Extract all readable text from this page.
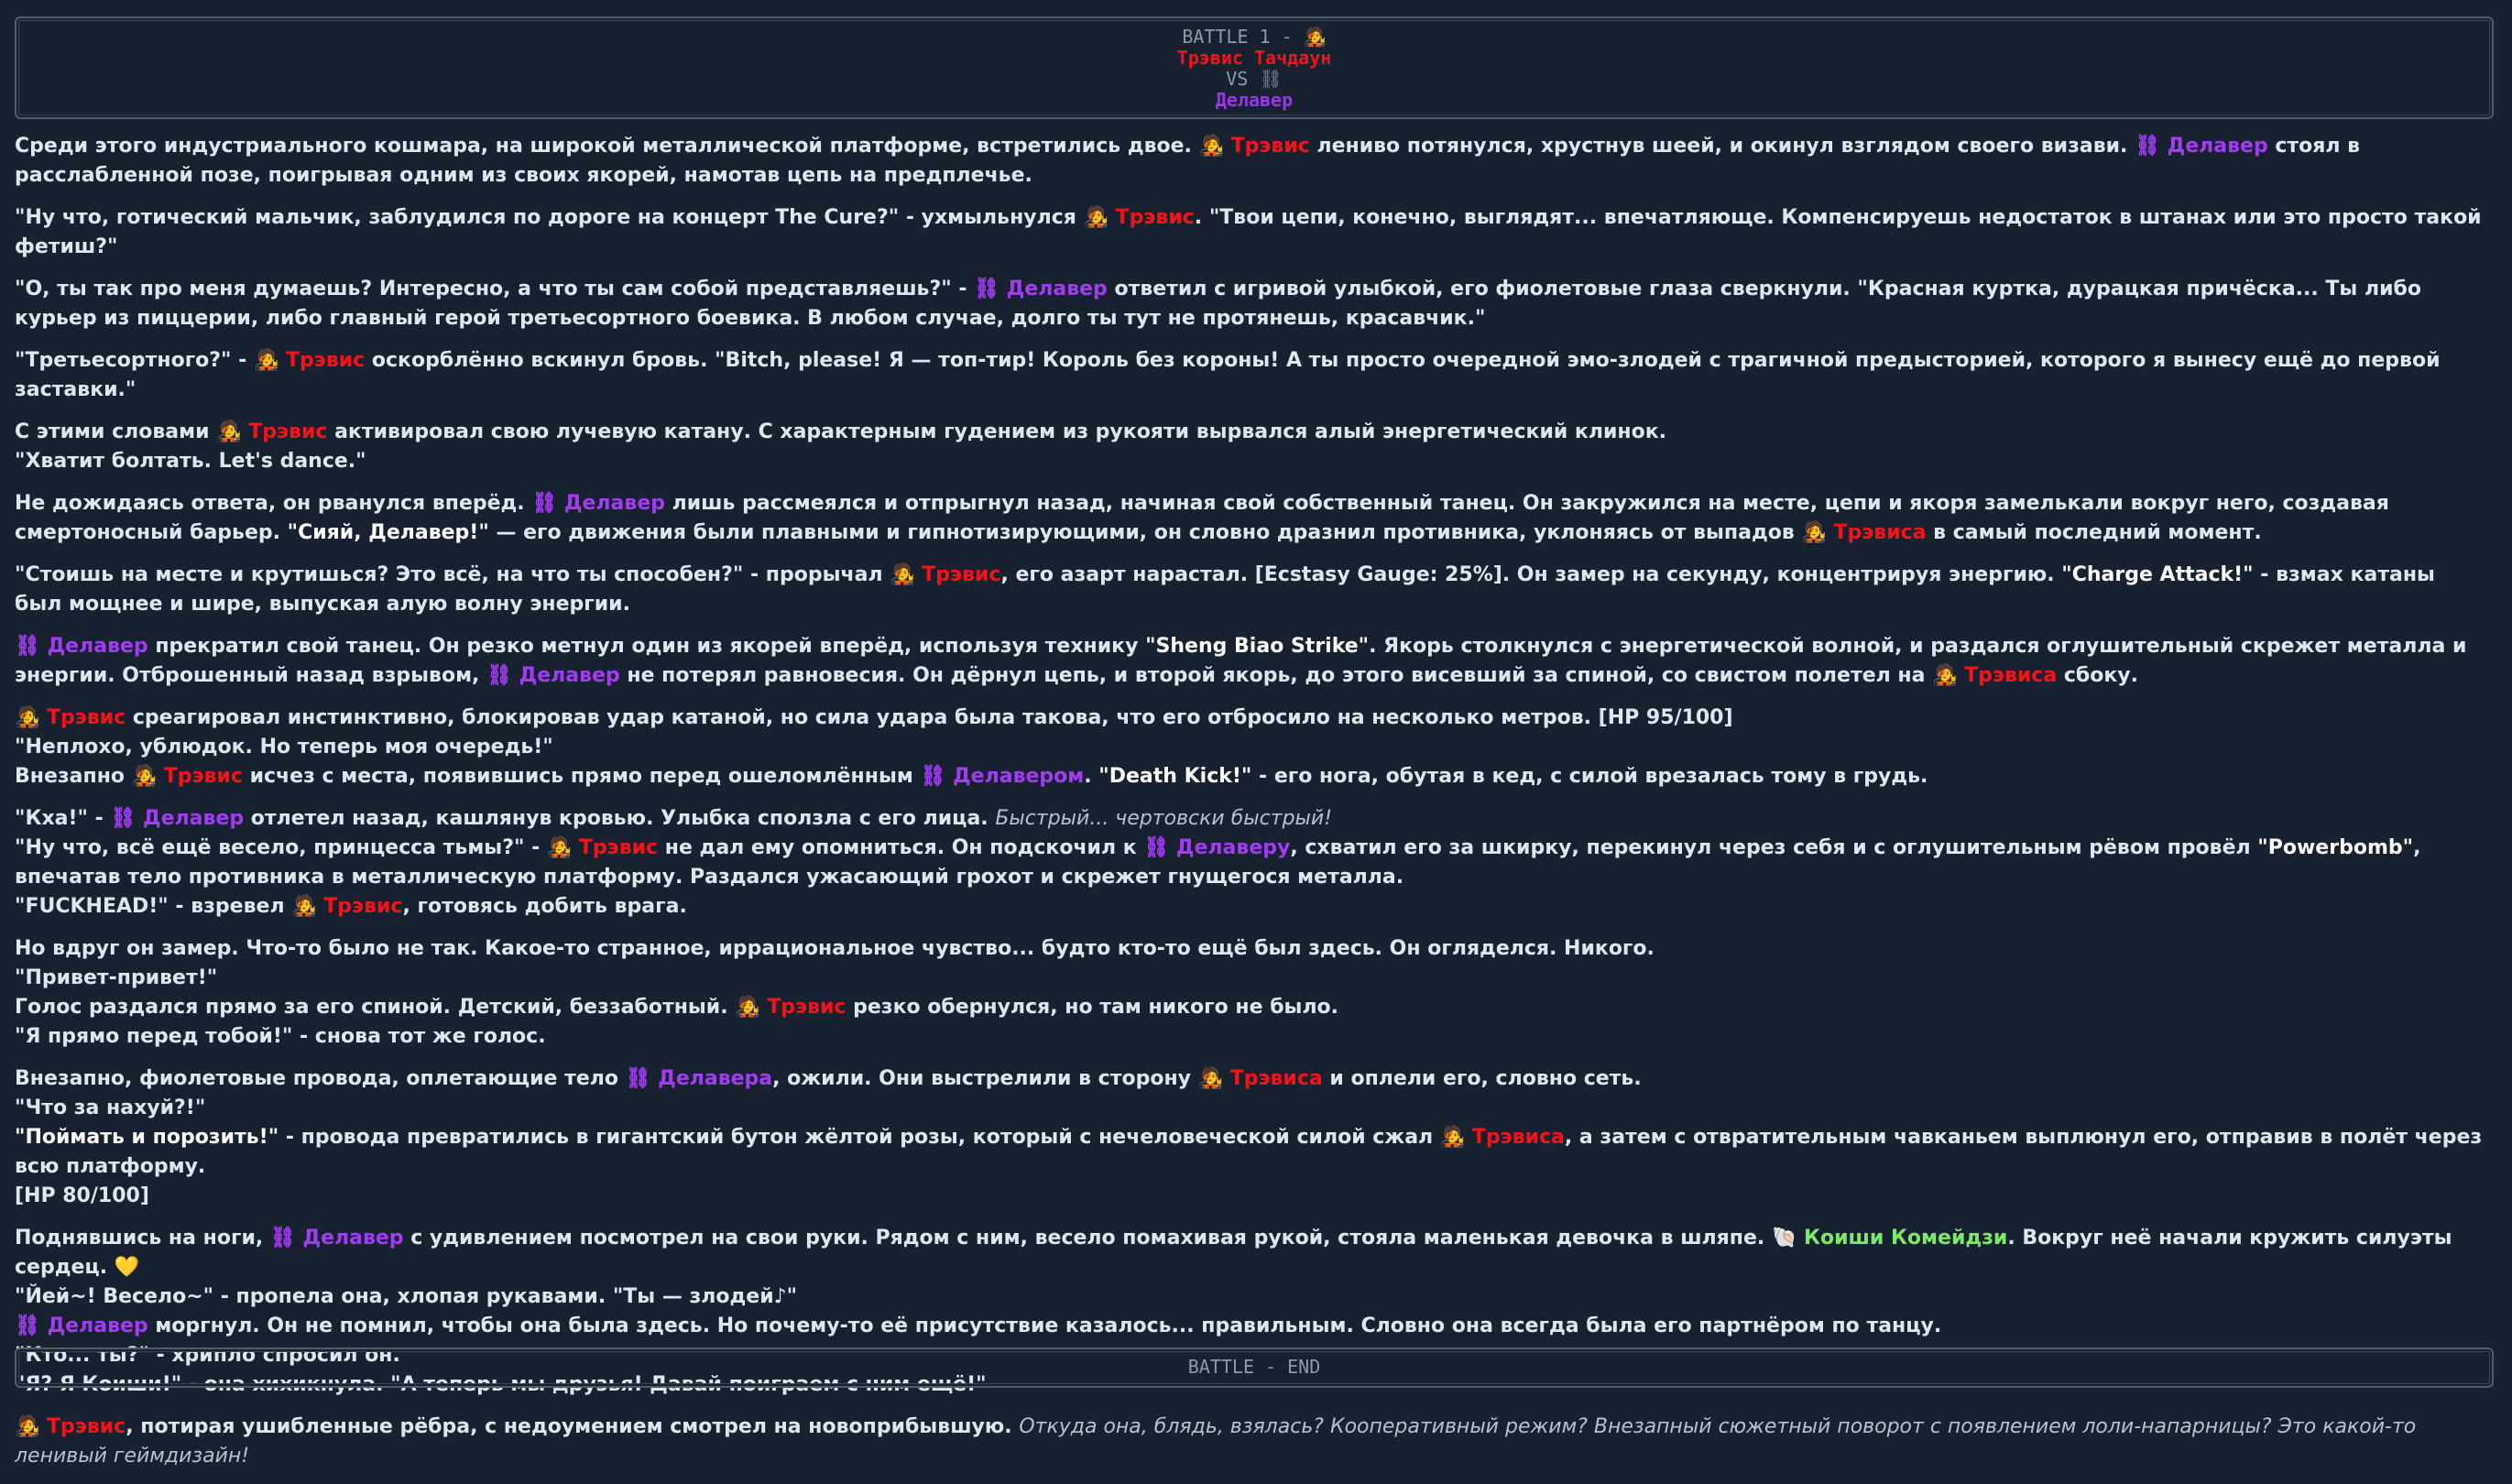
BATTLE 1 - 🧑‍🎤
Трэвис Тачдаун
VS ⛓
Делавер

Среди этого индустриального кошмара, на широкой металлической платформе, встретились двое. 🧑‍🎤 Трэвис лениво потянулся, хрустнув шеей, и окинул взглядом своего визави. ⛓ Делавер стоял в расслабленной позе, поигрывая одним из своих якорей, намотав цепь на предплечье.

"Ну что, готический мальчик, заблудился по дороге на концерт The Cure?" - ухмыльнулся 🧑‍🎤 Трэвис. "Твои цепи, конечно, выглядят... впечатляюще. Компенсируешь недостаток в штанах или это просто такой фетиш?"

"О, ты так про меня думаешь? Интересно, а что ты сам собой представляешь?" - ⛓ Делавер ответил с игривой улыбкой, его фиолетовые глаза сверкнули. "Красная куртка, дурацкая причёска... Ты либо курьер из пиццерии, либо главный герой третьесортного боевика. В любом случае, долго ты тут не протянешь, красавчик."

"Третьесортного?" - 🧑‍🎤 Трэвис оскорблённо вскинул бровь. "Bitch, please! Я — топ-тир! Король без короны! А ты просто очередной эмо-злодей с трагичной предысторией, которого я вынесу ещё до первой заставки."

С этими словами 🧑‍🎤 Трэвис активировал свою лучевую катану. С характерным гудением из рукояти вырвался алый энергетический клинок.
"Хватит болтать. Let's dance."

Не дожидаясь ответа, он рванулся вперёд. ⛓ Делавер лишь рассмеялся и отпрыгнул назад, начиная свой собственный танец. Он закружился на месте, цепи и якоря замелькали вокруг него, создавая смертоносный барьер. "Сияй, Делавер!" — его движения были плавными и гипнотизирующими, он словно дразнил противника, уклоняясь от выпадов 🧑‍🎤 Трэвиса в самый последний момент.

"Стоишь на месте и крутишься? Это всё, на что ты способен?" - прорычал 🧑‍🎤 Трэвис, его азарт нарастал. [Ecstasy Gauge: 25%]. Он замер на секунду, концентрируя энергию. "Charge Attack!" - взмах катаны был мощнее и шире, выпуская алую волну энергии.

⛓ Делавер прекратил свой танец. Он резко метнул один из якорей вперёд, используя технику "Sheng Biao Strike". Якорь столкнулся с энергетической волной, и раздался оглушительный скрежет металла и энергии. Отброшенный назад взрывом, ⛓ Делавер не потерял равновесия. Он дёрнул цепь, и второй якорь, до этого висевший за спиной, со свистом полетел на 🧑‍🎤 Трэвиса сбоку.

🧑‍🎤 Трэвис среагировал инстинктивно, блокировав удар катаной, но сила удара была такова, что его отбросило на несколько метров. [HP 95/100]
"Неплохо, ублюдок. Но теперь моя очередь!"
Внезапно 🧑‍🎤 Трэвис исчез с места, появившись прямо перед ошеломлённым ⛓ Делавером. "Death Kick!" - его нога, обутая в кед, с силой врезалась тому в грудь.

"Кха!" - ⛓ Делавер отлетел назад, кашлянув кровью. Улыбка сползла с его лица. Быстрый... чертовски быстрый!
"Ну что, всё ещё весело, принцесса тьмы?" - 🧑‍🎤 Трэвис не дал ему опомниться. Он подскочил к ⛓ Делаверу, схватил его за шкирку, перекинул через себя и с оглушительным рёвом провёл "Powerbomb", впечатав тело противника в металлическую платформу. Раздался ужасающий грохот и скрежет гнущегося металла.
"FUCKHEAD!" - взревел 🧑‍🎤 Трэвис, готовясь добить врага.

Но вдруг он замер. Что-то было не так. Какое-то странное, иррациональное чувство... будто кто-то ещё был здесь. Он огляделся. Никого.
"Привет-привет!"
Голос раздался прямо за его спиной. Детский, беззаботный. 🧑‍🎤 Трэвис резко обернулся, но там никого не было.
"Я прямо перед тобой!" - снова тот же голос.

Внезапно, фиолетовые провода, оплетающие тело ⛓ Делавера, ожили. Они выстрелили в сторону 🧑‍🎤 Трэвиса и оплели его, словно сеть.
"Что за нахуй?!"
"Поймать и порозить!" - провода превратились в гигантский бутон жёлтой розы, который с нечеловеческой силой сжал 🧑‍🎤 Трэвиса, а затем с отвратительным чавканьем выплюнул его, отправив в полёт через всю платформу.
[HP 80/100]

Поднявшись на ноги, ⛓ Делавер с удивлением посмотрел на свои руки. Рядом с ним, весело помахивая рукой, стояла маленькая девочка в шляпе. 🐚 Коиши Комейдзи. Вокруг неё начали кружить силуэты сердец. 💛
"Йей~! Весело~" - пропела она, хлопая рукавами. "Ты — злодей♪"
⛓ Делавер моргнул. Он не помнил, чтобы она была здесь. Но почему-то её присутствие казалось... правильным. Словно она всегда была его партнёром по танцу.
"Кто... ты?" - хрипло спросил он.
"Я? Я Коиши!" - она хихикнула. "А теперь мы друзья! Давай поиграем с ним ещё!"

🧑‍🎤 Трэвис, потирая ушибленные рёбра, с недоумением смотрел на новоприбывшую. Откуда она, блядь, взялась? Кооперативный режим? Внезапный сюжетный поворот с появлением лоли-напарницы? Это какой-то ленивый геймдизайн!

BATTLE - END
